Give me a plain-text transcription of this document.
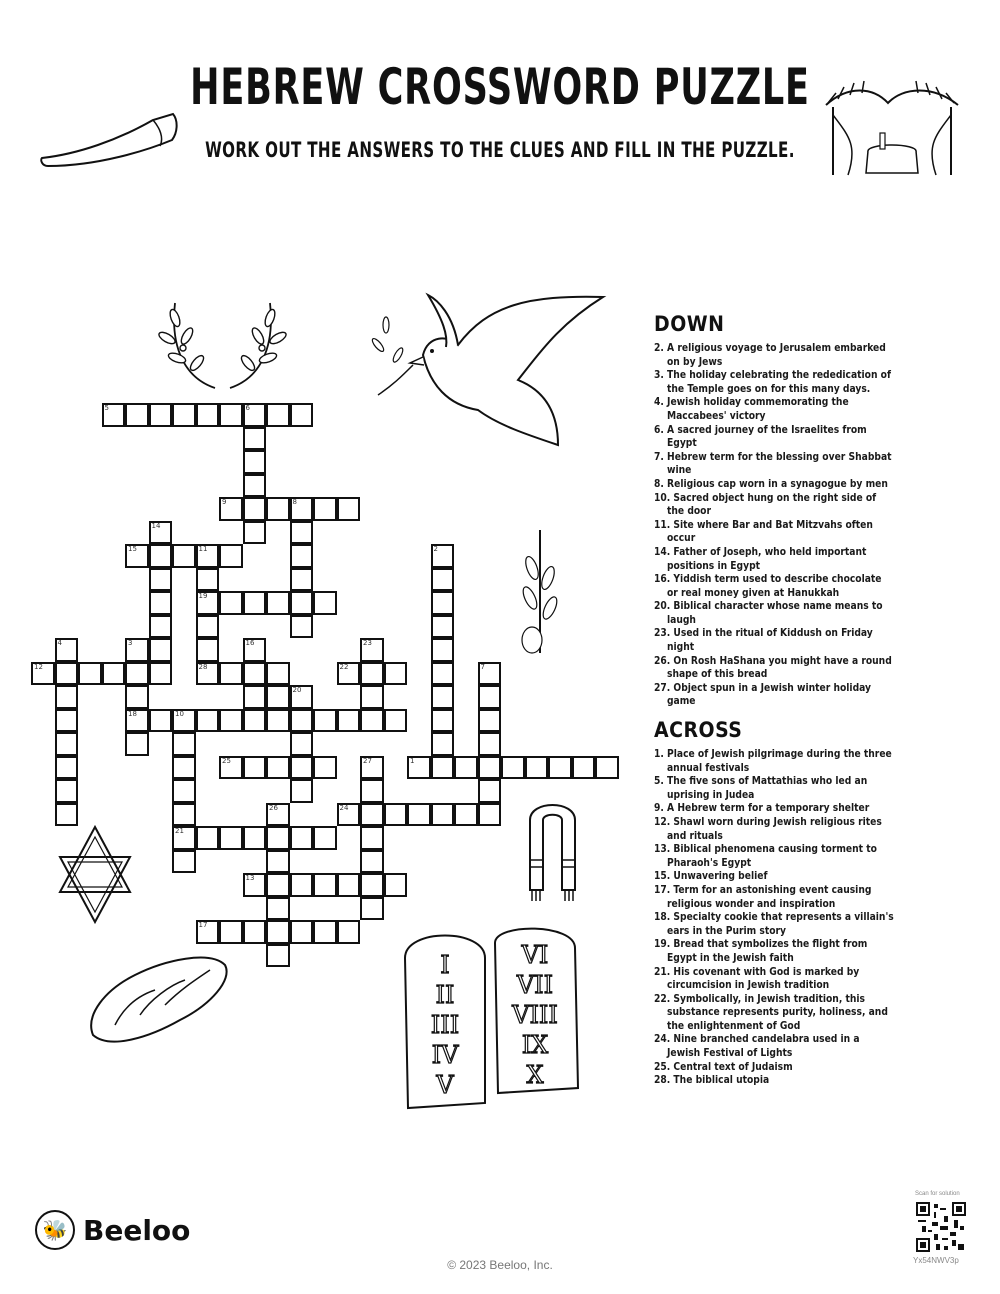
HEBREW CROSSWORD PUZZLE
WORK OUT THE ANSWERS TO THE CLUES AND FILL IN THE PUZZLE.
I
II
III
IV
V
VI
VII
VIII
IX
X
5	6
9	8
14
15	11
19
28
2
4	3
18
16	23
12	22	7
20
10
21
25	27	1
26	24
13
17
DOWN
2. A religious voyage to Jerusalem embarked on by Jews
3. The holiday celebrating the rededication of the Temple goes on for this many days.
4. Jewish holiday commemorating the Maccabees' victory
6. A sacred journey of the Israelites from Egypt
7. Hebrew term for the blessing over Shabbat wine
8. Religious cap worn in a synagogue by men
10. Sacred object hung on the right side of the door
11. Site where Bar and Bat Mitzvahs often occur
14. Father of Joseph, who held important positions in Egypt
16. Yiddish term used to describe chocolate or real money given at Hanukkah
20. Biblical character whose name means to laugh
23. Used in the ritual of Kiddush on Friday night
26. On Rosh HaShana you might have a round shape of this bread
27. Object spun in a Jewish winter holiday game
ACROSS
1. Place of Jewish pilgrimage during the three annual festivals
5. The five sons of Mattathias who led an uprising in Judea
9. A Hebrew term for a temporary shelter
12. Shawl worn during Jewish religious rites and rituals
13. Biblical phenomena causing torment to Pharaoh's Egypt
15. Unwavering belief
17. Term for an astonishing event causing religious wonder and inspiration
18. Specialty cookie that represents a villain's ears in the Purim story
19. Bread that symbolizes the flight from Egypt in the Jewish faith
21. His covenant with God is marked by circumcision in Jewish tradition
22. Symbolically, in Jewish tradition, this substance represents purity, holiness, and the enlightenment of God
24. Nine branched candelabra used in a Jewish Festival of Lights
25. Central text of Judaism
28. The biblical utopia
🐝 Beeloo
© 2023 Beeloo, Inc.
Scan for solution
Yx54NWV3p
